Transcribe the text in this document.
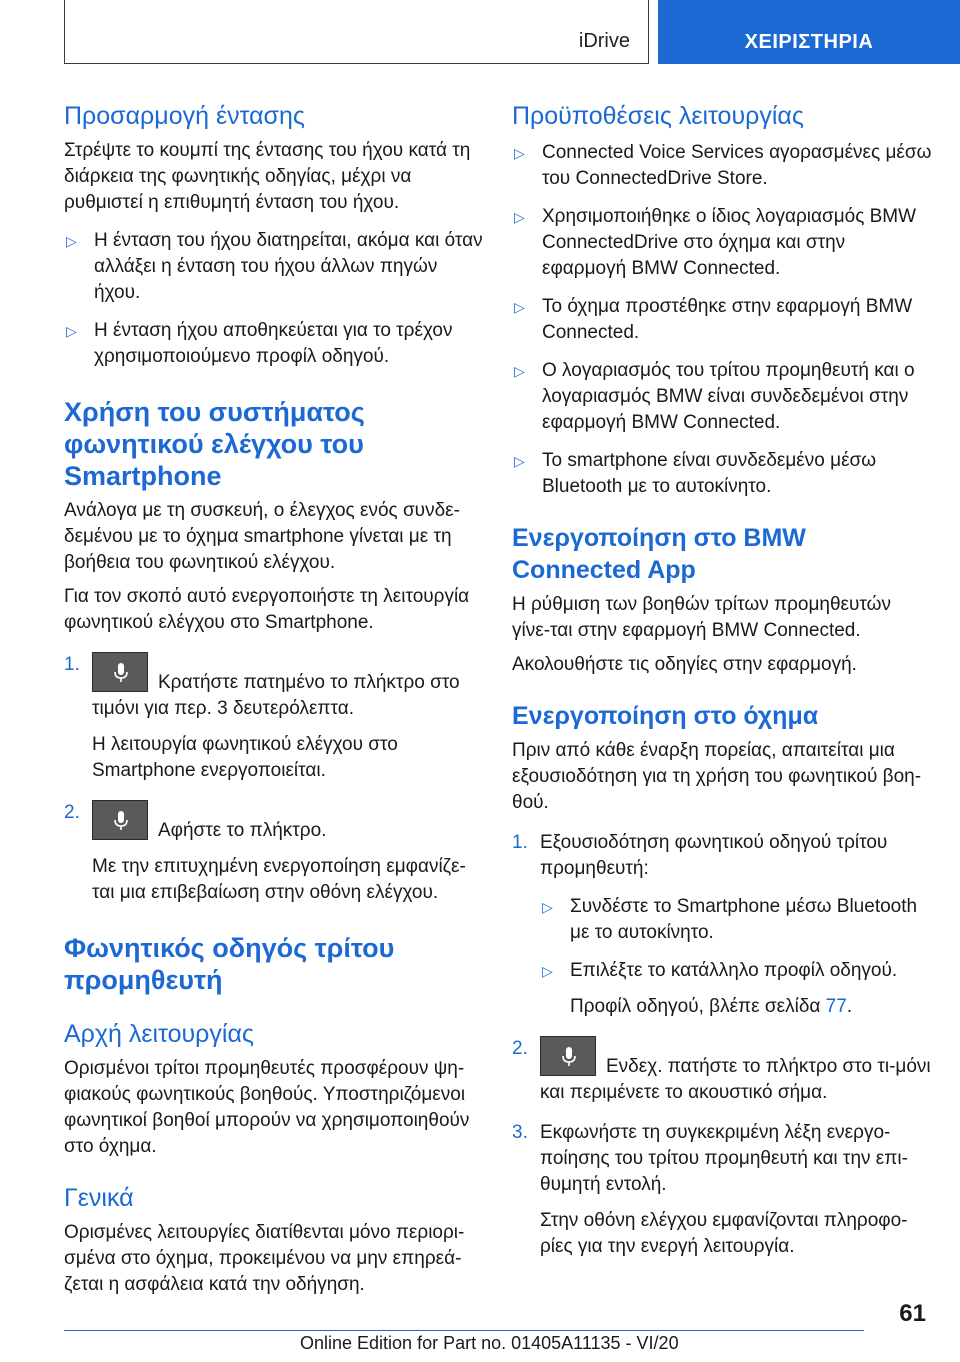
iDrive	ΧΕΙΡΙΣΤΗΡΙΑ
Προσαρμογή έντασης

Στρέψτε το κουμπί της έντασης του ήχου κατά τη διάρκεια της φωνητικής οδηγίας, μέχρι να ρυθμιστεί η επιθυμητή ένταση του ήχου.

▷ Η ένταση του ήχου διατηρείται, ακόμα και όταν αλλάξει η ένταση του ήχου άλλων πηγών ήχου.
▷ Η ένταση ήχου αποθηκεύεται για το τρέχον χρησιμοποιούμενο προφίλ οδηγού.
Χρήση του συστήματος φωνητικού ελέγχου του Smartphone

Ανάλογα με τη συσκευή, ο έλεγχος ενός συνδε-δεμένου με το όχημα smartphone γίνεται με τη βοήθεια του φωνητικού ελέγχου.

Για τον σκοπό αυτό ενεργοποιήστε τη λειτουργία φωνητικού ελέγχου στο Smartphone.

1.
Κρατήστε πατημένο το πλήκτρο στο τιμόνι για περ. 3 δευτερόλεπτα.
Η λειτουργία φωνητικού ελέγχου στο Smartphone ενεργοποιείται.
2.
Αφήστε το πλήκτρο.
Με την επιτυχημένη ενεργοποίηση εμφανίζε-ται μια επιβεβαίωση στην οθόνη ελέγχου.
Φωνητικός οδηγός τρίτου προμηθευτή
Αρχή λειτουργίας

Ορισμένοι τρίτοι προμηθευτές προσφέρουν ψη-φιακούς φωνητικούς βοηθούς. Υποστηριζόμενοι φωνητικοί βοηθοί μπορούν να χρησιμοποιηθούν στο όχημα.

Γενικά

Ορισμένες λειτουργίες διατίθενται μόνο περιορι-σμένα στο όχημα, προκειμένου να μην επηρεά-ζεται η ασφάλεια κατά την οδήγηση.

Προϋποθέσεις λειτουργίας
▷ Connected Voice Services αγορασμένες μέσω του ConnectedDrive Store.
▷ Χρησιμοποιήθηκε ο ίδιος λογαριασμός BMW ConnectedDrive στο όχημα και στην εφαρμογή BMW Connected.
▷ Το όχημα προστέθηκε στην εφαρμογή BMW Connected.
▷ Ο λογαριασμός του τρίτου προμηθευτή και ο λογαριασμός BMW είναι συνδεδεμένοι στην εφαρμογή BMW Connected.
▷ Το smartphone είναι συνδεδεμένο μέσω Bluetooth με το αυτοκίνητο.
Ενεργοποίηση στο BMW Connected App

Η ρύθμιση των βοηθών τρίτων προμηθευτών γίνε-ται στην εφαρμογή BMW Connected.

Ακολουθήστε τις οδηγίες στην εφαρμογή.

Ενεργοποίηση στο όχημα

Πριν από κάθε έναρξη πορείας, απαιτείται μια εξουσιοδότηση για τη χρήση του φωνητικού βοη-θού.

1. Εξουσιοδότηση φωνητικού οδηγού τρίτου προμηθευτή:
▷ Συνδέστε το Smartphone μέσω Bluetooth με το αυτοκίνητο.
▷ Επιλέξτε το κατάλληλο προφίλ οδηγού.
Προφίλ οδηγού, βλέπε σελίδα 77.
2.
Ενδεχ. πατήστε το πλήκτρο στο τι-μόνι και περιμένετε το ακουστικό σήμα.
3. Εκφωνήστε τη συγκεκριμένη λέξη ενεργο-ποίησης του τρίτου προμηθευτή και την επι-θυμητή εντολή.
Στην οθόνη ελέγχου εμφανίζονται πληροφο-ρίες για την ενεργή λειτουργία.
61
Online Edition for Part no. 01405A11135 - VI/20
